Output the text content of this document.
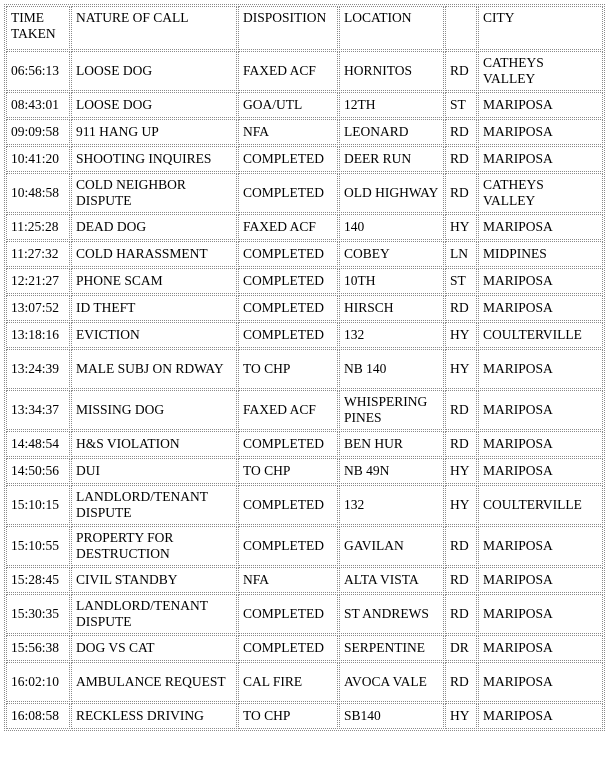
TIME TAKEN	NATURE OF CALL	DISPOSITION	LOCATION		CITY
06:56:13	LOOSE DOG	FAXED ACF	HORNITOS	RD	CATHEYS VALLEY
08:43:01	LOOSE DOG	GOA/UTL	12TH	ST	MARIPOSA
09:09:58	911 HANG UP	NFA	LEONARD	RD	MARIPOSA
10:41:20	SHOOTING INQUIRES	COMPLETED	DEER RUN	RD	MARIPOSA
10:48:58	COLD NEIGHBOR DISPUTE	COMPLETED	OLD HIGHWAY	RD	CATHEYS VALLEY
11:25:28	DEAD DOG	FAXED ACF	140	HY	MARIPOSA
11:27:32	COLD HARASSMENT	COMPLETED	COBEY	LN	MIDPINES
12:21:27	PHONE SCAM	COMPLETED	10TH	ST	MARIPOSA
13:07:52	ID THEFT	COMPLETED	HIRSCH	RD	MARIPOSA
13:18:16	EVICTION	COMPLETED	132	HY	COULTERVILLE
13:24:39	MALE SUBJ ON RDWAY	TO CHP	NB 140	HY	MARIPOSA
13:34:37	MISSING DOG	FAXED ACF	WHISPERING PINES	RD	MARIPOSA
14:48:54	H&S VIOLATION	COMPLETED	BEN HUR	RD	MARIPOSA
14:50:56	DUI	TO CHP	NB 49N	HY	MARIPOSA
15:10:15	LANDLORD/TENANT DISPUTE	COMPLETED	132	HY	COULTERVILLE
15:10:55	PROPERTY FOR DESTRUCTION	COMPLETED	GAVILAN	RD	MARIPOSA
15:28:45	CIVIL STANDBY	NFA	ALTA VISTA	RD	MARIPOSA
15:30:35	LANDLORD/TENANT DISPUTE	COMPLETED	ST ANDREWS	RD	MARIPOSA
15:56:38	DOG VS CAT	COMPLETED	SERPENTINE	DR	MARIPOSA
16:02:10	AMBULANCE REQUEST	CAL FIRE	AVOCA VALE	RD	MARIPOSA
16:08:58	RECKLESS DRIVING	TO CHP	SB140	HY	MARIPOSA
